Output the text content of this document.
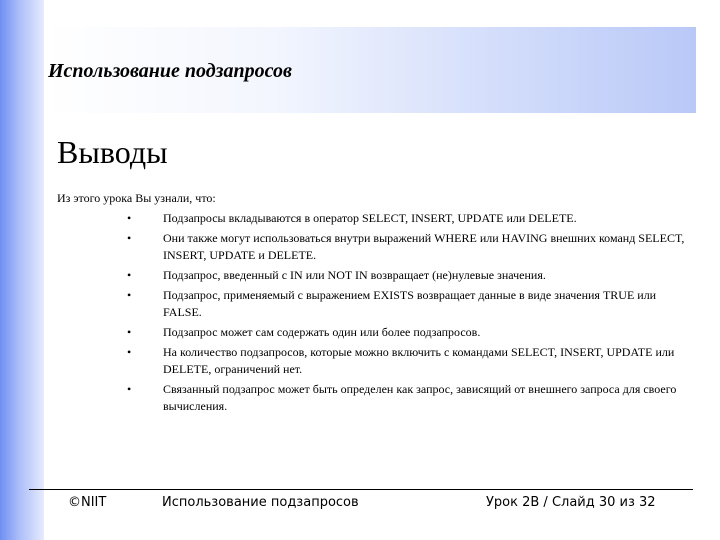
Использование подзапросов
Выводы
Из этого урока Вы узнали, что:
•	Подзапросы вкладываются в оператор SELECT, INSERT, UPDATE или DELETE.
•	Они также могут использоваться внутри выражений WHERE или HAVING внешних команд SELECT, INSERT, UPDATE и DELETE.
•	Подзапрос, введенный с IN или NOT IN возвращает (не)нулевые значения.
•	Подзапрос, применяемый с выражением EXISTS возвращает данные в виде значения TRUE или FALSE.
•	Подзапрос может сам содержать один или более подзапросов.
•	На количество подзапросов, которые можно включить с командами SELECT, INSERT, UPDATE или DELETE, ограничений нет.
•	Связанный подзапрос может быть определен как запрос, зависящий от внешнего запроса для своего вычисления.
©NIIT	Использование подзапросов	Урок 2B / Слайд 30 из 32
